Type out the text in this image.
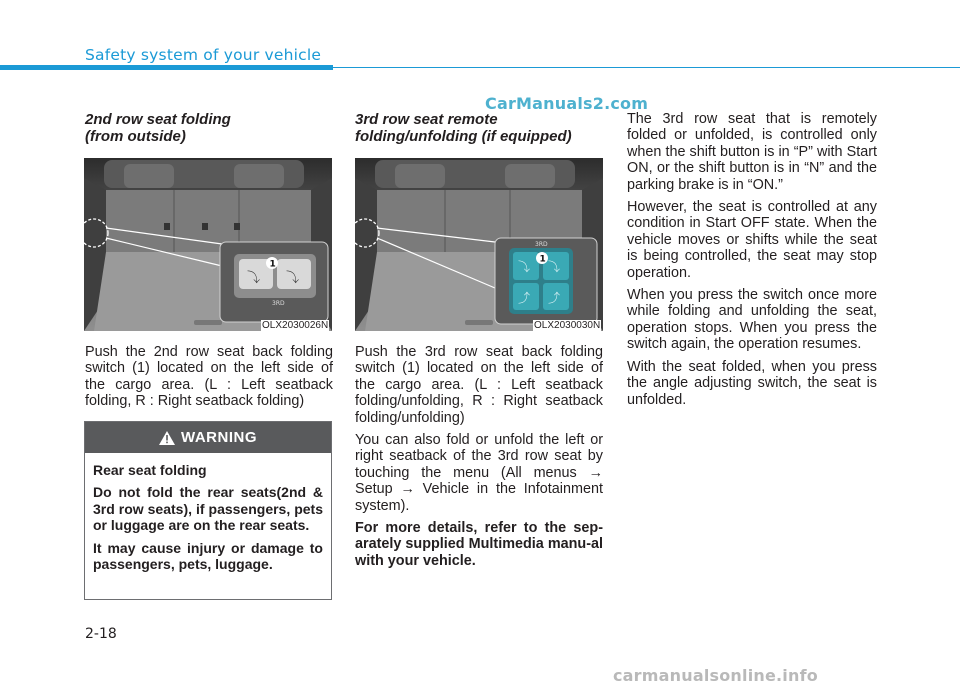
Safety system of your vehicle
CarManuals2.com
2nd row seat folding
(from outside)
⤵ ⤵
3RD
1
OLX2030026N

Push the 2nd row seat back folding switch (1) located on the left side of the cargo area. (L : Left seatback folding, R : Right seatback folding)

WARNING

Rear seat folding

Do not fold the rear seats(2nd & 3rd row seats), if passengers, pets or luggage are on the rear seats.

It may cause injury or damage to passengers, pets, luggage.

3rd row seat remote
folding/unfolding (if equipped)
⤵ ⤵
⤴ ⤴
3RD
1
OLX2030030N

Push the 3rd row seat back folding switch (1) located on the left side of the cargo area. (L : Left seatback folding/unfolding, R : Right seatback folding/unfolding)

You can also fold or unfold the left or right seatback of the 3rd row seat by touching the menu (All menus → Setup → Vehicle in the Infotainment system).

For more details, refer to the sep-arately supplied Multimedia manu-al with your vehicle.

The 3rd row seat that is remotely folded or unfolded, is controlled only when the shift button is in “P” with Start ON, or the shift button is in “N” and the parking brake is in “ON.”

However, the seat is controlled at any condition in Start OFF state. When the vehicle moves or shifts while the seat is being controlled, the seat may stop operation.

When you press the switch once more while folding and unfolding the seat, operation stops. When you press the switch again, the operation resumes.

With the seat folded, when you press the angle adjusting switch, the seat is unfolded.

2-18
carmanualsonline.info
